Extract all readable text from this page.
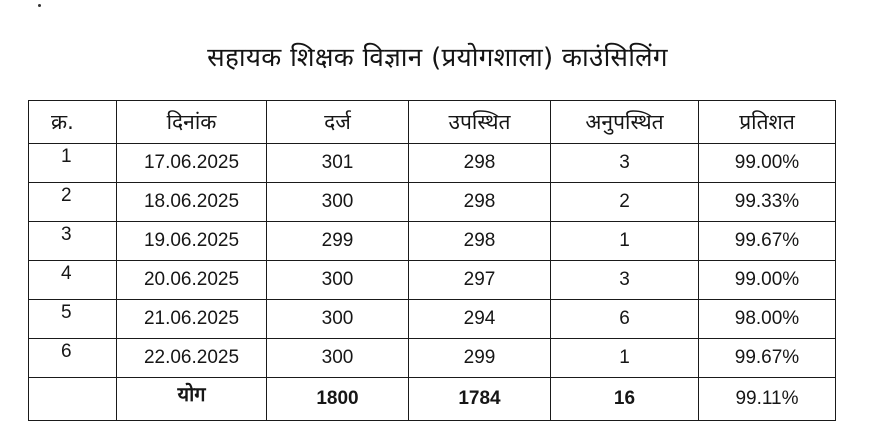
सहायक शिक्षक विज्ञान (प्रयोगशाला) काउंसिलिंग
क्र.	दिनांक	दर्ज	उपस्थित	अनुपस्थित	प्रतिशत
1	17.06.2025	301	298	3	99.00%
2	18.06.2025	300	298	2	99.33%
3	19.06.2025	299	298	1	99.67%
4	20.06.2025	300	297	3	99.00%
5	21.06.2025	300	294	6	98.00%
6	22.06.2025	300	299	1	99.67%
	योग	1800	1784	16	99.11%
